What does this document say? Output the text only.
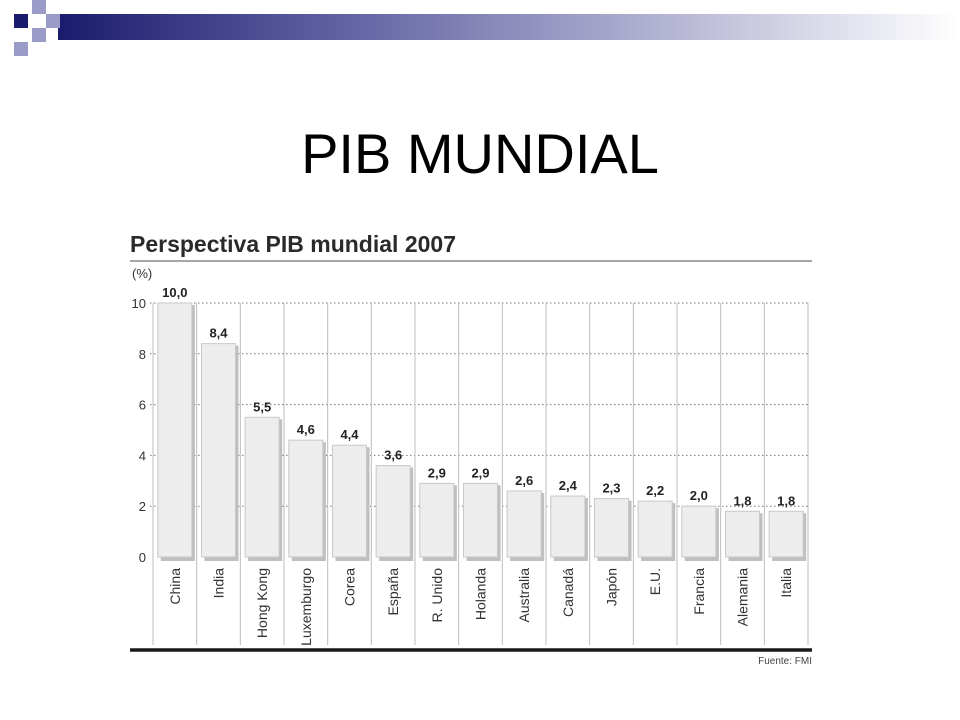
PIB MUNDIAL
Perspectiva PIB mundial 2007
(%)
0
2
4
6
8
10
10,0
China
8,4
India
5,5
Hong Kong
4,6
Luxemburgo
4,4
Corea
3,6
España
2,9
R. Unido
2,9
Holanda
2,6
Australia
2,4
Canadá
2,3
Japón
2,2
E.U.
2,0
Francia
1,8
Alemania
1,8
Italia
Fuente: FMI
